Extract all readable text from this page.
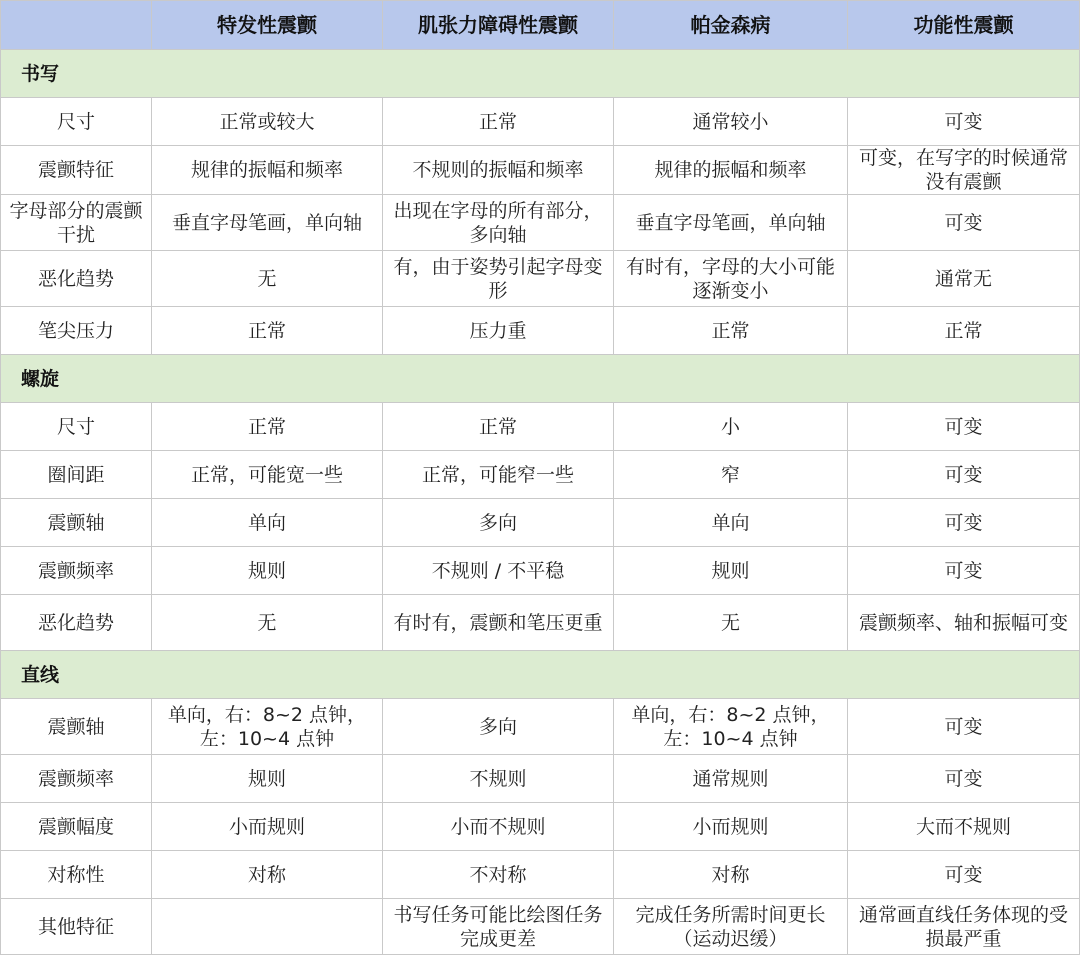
	特发性震颤	肌张力障碍性震颤	帕金森病	功能性震颤
书写				
尺寸	正常或较大	正常	通常较小	可变
震颤特征	规律的振幅和频率	不规则的振幅和频率	规律的振幅和频率	可变，在写字的时候通常没有震颤
字母部分的震颤干扰	垂直字母笔画，单向轴	出现在字母的所有部分，多向轴	垂直字母笔画，单向轴	可变
恶化趋势	无	有，由于姿势引起字母变形	有时有，字母的大小可能逐渐变小	通常无
笔尖压力	正常	压力重	正常	正常
螺旋				
尺寸	正常	正常	小	可变
圈间距	正常，可能宽一些	正常，可能窄一些	窄	可变
震颤轴	单向	多向	单向	可变
震颤频率	规则	不规则 / 不平稳	规则	可变
恶化趋势	无	有时有，震颤和笔压更重	无	震颤频率、轴和振幅可变
直线				
震颤轴	单向，右：8~2 点钟，左：10~4 点钟	多向	单向，右：8~2 点钟，左：10~4 点钟	可变
震颤频率	规则	不规则	通常规则	可变
震颤幅度	小而规则	小而不规则	小而规则	大而不规则
对称性	对称	不对称	对称	可变
其他特征		书写任务可能比绘图任务完成更差	完成任务所需时间更长（运动迟缓）	通常画直线任务体现的受损最严重
